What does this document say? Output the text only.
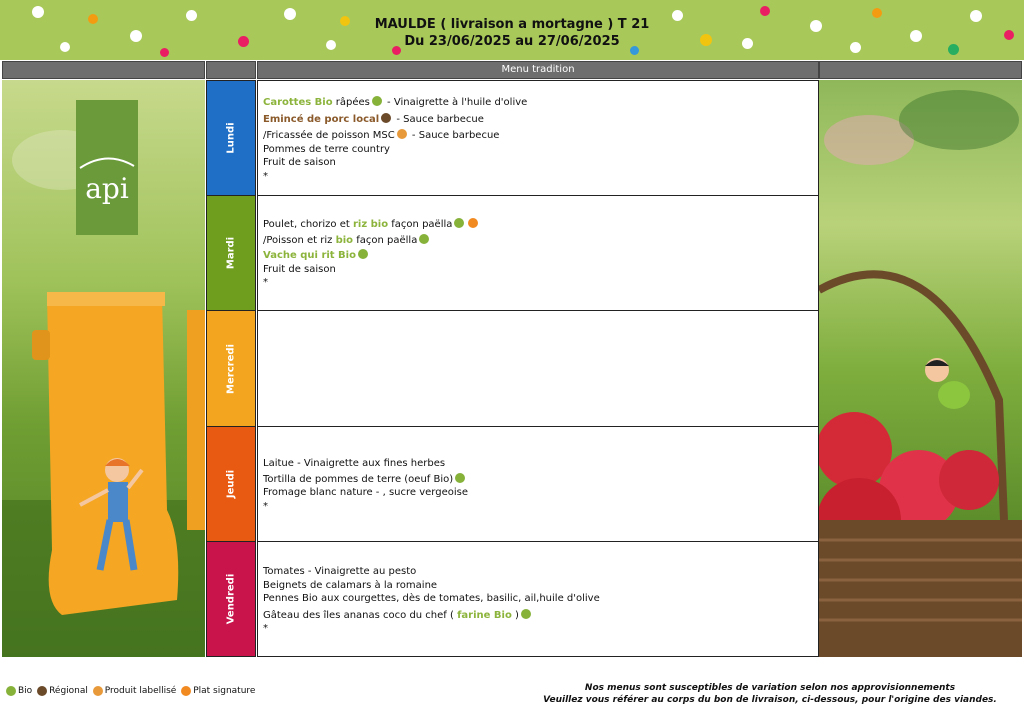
MAULDE ( livraison a mortagne ) T 21
Du 23/06/2025 au 27/06/2025
Menu tradition
api
Lundi
Mardi
Mercredi
Jeudi
Vendredi
Carottes Bio râpées - Vinaigrette à l'huile d'olive
Emincé de porc local - Sauce barbecue
/Fricassée de poisson MSC - Sauce barbecue
Pommes de terre country
Fruit de saison
*
Poulet, chorizo et riz bio façon paëlla
/Poisson et riz bio façon paëlla
Vache qui rit Bio
Fruit de saison
*
Laitue - Vinaigrette aux fines herbes
Tortilla de pommes de terre (oeuf Bio)
Fromage blanc nature - , sucre vergeoise
*
Tomates - Vinaigrette au pesto
Beignets de calamars à la romaine
Pennes Bio aux courgettes, dès de tomates, basilic, ail,huile d'olive
Gâteau des îles ananas coco du chef ( farine Bio )
*
Bio Régional Produit labellisé Plat signature	Nos menus sont susceptibles de variation selon nos approvisionnements
Veuillez vous référer au corps du bon de livraison, ci-dessous, pour l'origine des viandes.
